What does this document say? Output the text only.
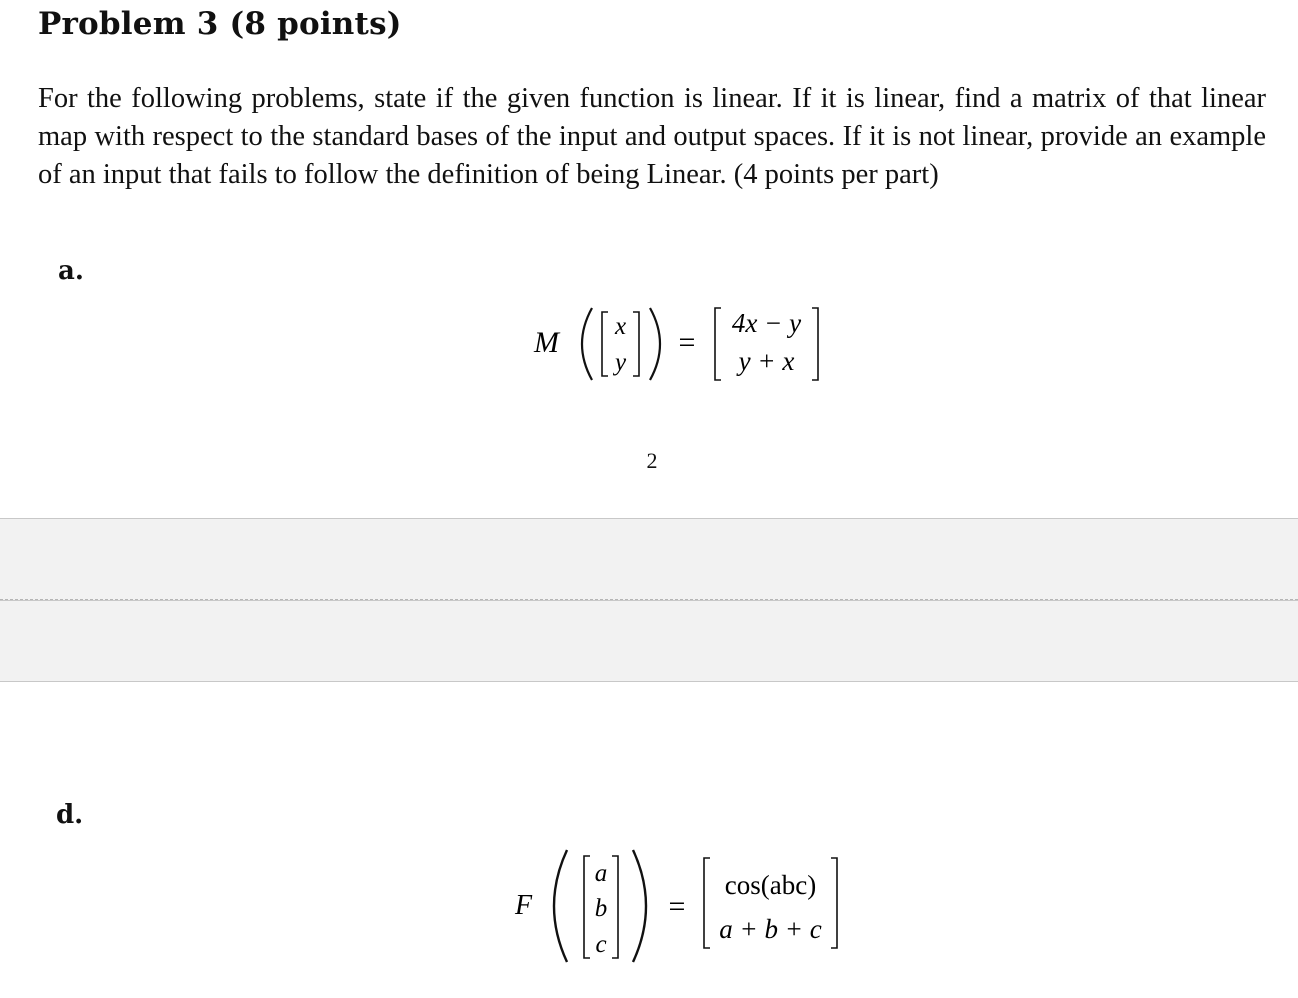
Problem 3 (8 points)

For the following problems, state if the given function is linear. If it is linear, find a matrix of that linear map with respect to the standard bases of the input and output spaces. If it is not linear, provide an example of an input that fails to follow the definition of being Linear. (4 points per part)

a.

M x
y
=
4x − y
y + x
2

d.

F
a
b
c
=
cos(abc)
a + b + c
